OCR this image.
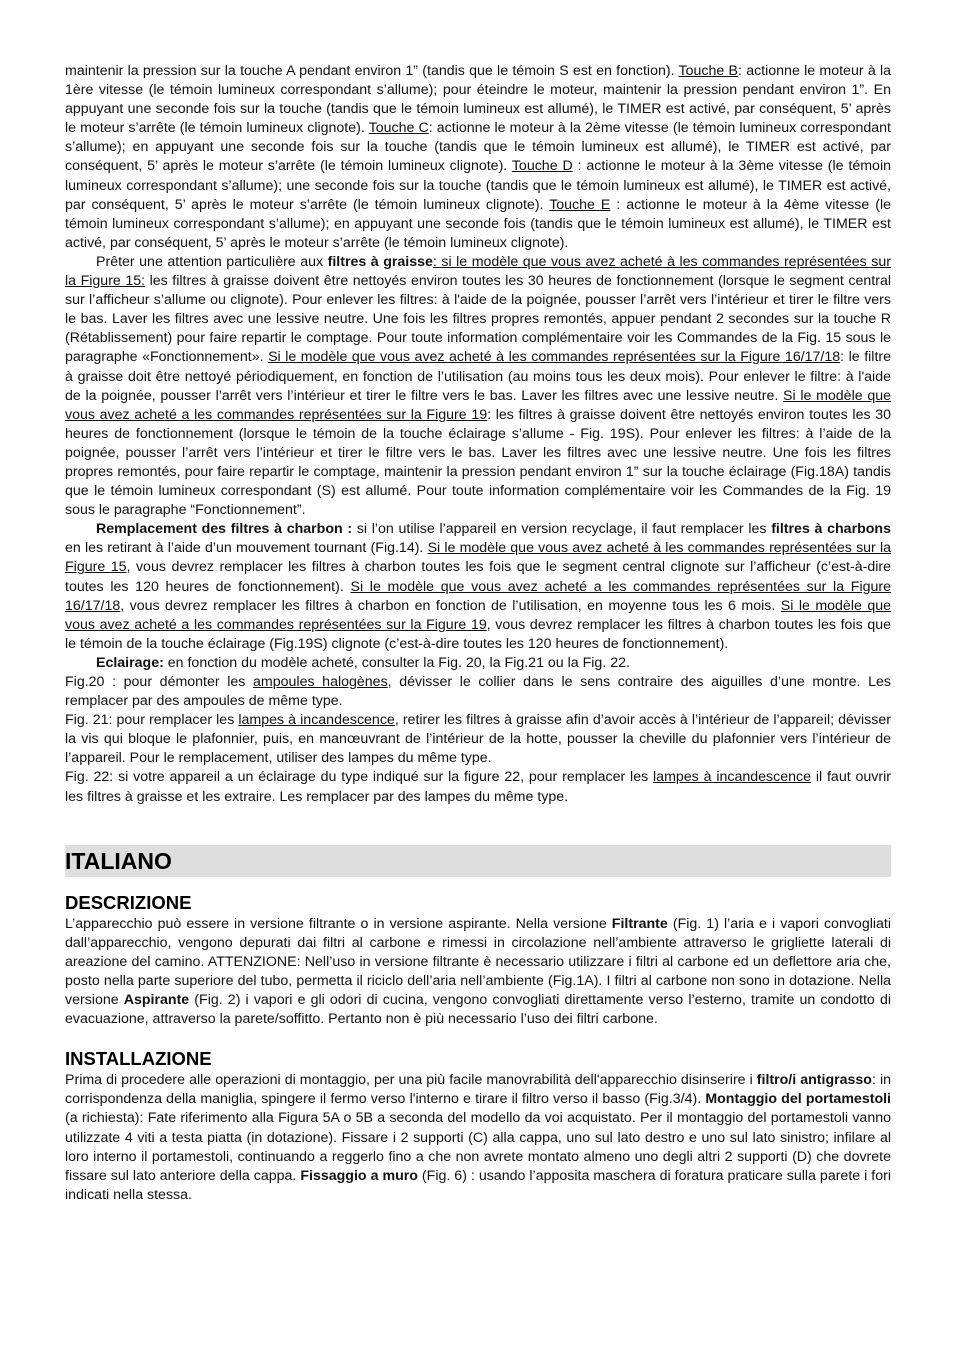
maintenir la pression sur la touche A pendant environ 1” (tandis que le témoin S est en fonction). Touche B: actionne le moteur à la 1ère vitesse (le témoin lumineux correspondant s’allume); pour éteindre le moteur, maintenir la pression pendant environ 1”. En appuyant une seconde fois sur la touche (tandis que le témoin lumineux est allumé), le TIMER est activé, par conséquent, 5’ après le moteur s’arrête (le témoin lumineux clignote). Touche C: actionne le moteur à la 2ème vitesse (le témoin lumineux correspondant s’allume); en appuyant une seconde fois sur la touche (tandis que le témoin lumineux est allumé), le TIMER est activé, par conséquent, 5’ après le moteur s’arrête (le témoin lumineux clignote). Touche D : actionne le moteur à la 3ème vitesse (le témoin lumineux correspondant s’allume); une seconde fois sur la touche (tandis que le témoin lumineux est allumé), le TIMER est activé, par conséquent, 5’ après le moteur s’arrête (le témoin lumineux clignote). Touche E : actionne le moteur à la 4ème vitesse (le témoin lumineux correspondant s’allume); en appuyant une seconde fois (tandis que le témoin lumineux est allumé), le TIMER est activé, par conséquent, 5’ après le moteur s’arrête (le témoin lumineux clignote).

Prêter une attention particulière aux filtres à graisse: si le modèle que vous avez acheté à les commandes représentées sur la Figure 15: les filtres à graisse doivent être nettoyés environ toutes les 30 heures de fonctionnement (lorsque le segment central sur l’afficheur s’allume ou clignote). Pour enlever les filtres: à l'aide de la poignée, pousser l’arrêt vers l’intérieur et tirer le filtre vers le bas. Laver les filtres avec une lessive neutre. Une fois les filtres propres remontés, appuer pendant 2 secondes sur la touche R (Rétablissement) pour faire repartir le comptage. Pour toute information complémentaire voir les Commandes de la Fig. 15 sous le paragraphe «Fonctionnement». Si le modèle que vous avez acheté à les commandes représentées sur la Figure 16/17/18: le filtre à graisse doit être nettoyé périodiquement, en fonction de l’utilisation (au moins tous les deux mois). Pour enlever le filtre: à l'aide de la poignée, pousser l’arrêt vers l’intérieur et tirer le filtre vers le bas. Laver les filtres avec une lessive neutre. Si le modèle que vous avez acheté a les commandes représentées sur la Figure 19: les filtres à graisse doivent être nettoyés environ toutes les 30 heures de fonctionnement (lorsque le témoin de la touche éclairage s’allume - Fig. 19S). Pour enlever les filtres: à l’aide de la poignée, pousser l’arrêt vers l’intérieur et tirer le filtre vers le bas. Laver les filtres avec une lessive neutre. Une fois les filtres propres remontés, pour faire repartir le comptage, maintenir la pression pendant environ 1” sur la touche éclairage (Fig.18A) tandis que le témoin lumineux correspondant (S) est allumé. Pour toute information complémentaire voir les Commandes de la Fig. 19 sous le paragraphe “Fonctionnement”.

Remplacement des filtres à charbon : si l’on utilise l’appareil en version recyclage, il faut remplacer les filtres à charbons en les retirant à l’aide d’un mouvement tournant (Fig.14). Si le modèle que vous avez acheté à les commandes représentées sur la Figure 15, vous devrez remplacer les filtres à charbon toutes les fois que le segment central clignote sur l’afficheur (c’est-à-dire toutes les 120 heures de fonctionnement). Si le modèle que vous avez acheté a les commandes représentées sur la Figure 16/17/18, vous devrez remplacer les filtres à charbon en fonction de l’utilisation, en moyenne tous les 6 mois. Si le modèle que vous avez acheté a les commandes représentées sur la Figure 19, vous devrez remplacer les filtres à charbon toutes les fois que le témoin de la touche éclairage (Fig.19S) clignote (c’est-à-dire toutes les 120 heures de fonctionnement).

Eclairage: en fonction du modèle acheté, consulter la Fig. 20, la Fig.21 ou la Fig. 22.

Fig.20 : pour démonter les ampoules halogènes, dévisser le collier dans le sens contraire des aiguilles d’une montre. Les remplacer par des ampoules de même type.

Fig. 21: pour remplacer les lampes à incandescence, retirer les filtres à graisse afin d’avoir accès à l’intérieur de l’appareil; dévisser la vis qui bloque le plafonnier, puis, en manœuvrant de l’intérieur de la hotte, pousser la cheville du plafonnier vers l’intérieur de l’appareil. Pour le remplacement, utiliser des lampes du même type.

Fig. 22: si votre appareil a un éclairage du type indiqué sur la figure 22, pour remplacer les lampes à incandescence il faut ouvrir les filtres à graisse et les extraire. Les remplacer par des lampes du même type.

ITALIANO
DESCRIZIONE

L’apparecchio può essere in versione filtrante o in versione aspirante. Nella versione Filtrante (Fig. 1) l’aria e i vapori convogliati dall’apparecchio, vengono depurati dai filtri al carbone e rimessi in circolazione nell’ambiente attraverso le grigliette laterali di areazione del camino. ATTENZIONE: Nell’uso in versione filtrante è necessario utilizzare i filtri al carbone ed un deflettore aria che, posto nella parte superiore del tubo, permetta il riciclo dell’aria nell’ambiente (Fig.1A). I filtri al carbone non sono in dotazione. Nella versione Aspirante (Fig. 2) i vapori e gli odori di cucina, vengono convogliati direttamente verso l’esterno, tramite un condotto di evacuazione, attraverso la parete/soffitto. Pertanto non è più necessario l’uso dei filtri carbone.

INSTALLAZIONE

Prima di procedere alle operazioni di montaggio, per una più facile manovrabilità dell'apparecchio disinserire i filtro/i antigrasso: in corrispondenza della maniglia, spingere il fermo verso l'interno e tirare il filtro verso il basso (Fig.3/4). Montaggio del portamestoli (a richiesta): Fate riferimento alla Figura 5A o 5B a seconda del modello da voi acquistato. Per il montaggio del portamestoli vanno utilizzate 4 viti a testa piatta (in dotazione). Fissare i 2 supporti (C) alla cappa, uno sul lato destro e uno sul lato sinistro; infilare al loro interno il portamestoli, continuando a reggerlo fino a che non avrete montato almeno uno degli altri 2 supporti (D) che dovrete fissare sul lato anteriore della cappa. Fissaggio a muro (Fig. 6) : usando l’apposita maschera di foratura praticare sulla parete i fori indicati nella stessa.
